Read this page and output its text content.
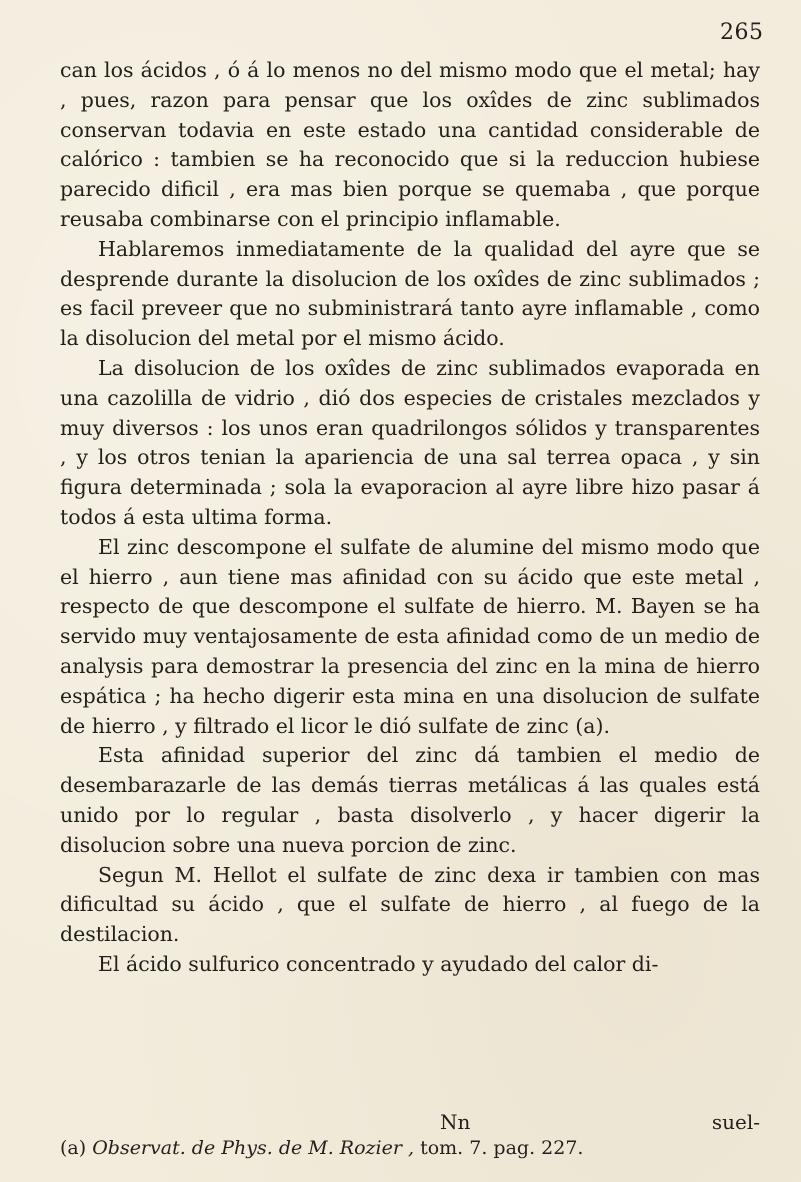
265

can los ácidos , ó á lo menos no del mismo modo que el metal; hay , pues, razon para pensar que los oxîdes de zinc sublimados conservan todavia en este estado una cantidad considerable de calórico : tambien se ha reconocido que si la reduccion hubiese parecido dificil , era mas bien porque se quemaba , que porque reusaba combinarse con el principio inflamable.

Hablaremos inmediatamente de la qualidad del ayre que se desprende durante la disolucion de los oxîdes de zinc sublimados ; es facil preveer que no subministrará tanto ayre inflamable , como la disolucion del metal por el mismo ácido.

La disolucion de los oxîdes de zinc sublimados evaporada en una cazolilla de vidrio , dió dos especies de cristales mezclados y muy diversos : los unos eran quadrilongos sólidos y transparentes , y los otros tenian la apariencia de una sal terrea opaca , y sin figura determinada ; sola la evaporacion al ayre libre hizo pasar á todos á esta ultima forma.

El zinc descompone el sulfate de alumine del mismo modo que el hierro , aun tiene mas afinidad con su ácido que este metal , respecto de que descompone el sulfate de hierro. M. Bayen se ha servido muy ventajosamente de esta afinidad como de un medio de analysis para demostrar la presencia del zinc en la mina de hierro espática ; ha hecho digerir esta mina en una disolucion de sulfate de hierro , y filtrado el licor le dió sulfate de zinc (a).

Esta afinidad superior del zinc dá tambien el medio de desembarazarle de las demás tierras metálicas á las quales está unido por lo regular , basta disolverlo , y hacer digerir la disolucion sobre una nueva porcion de zinc.

Segun M. Hellot el sulfate de zinc dexa ir tambien con mas dificultad su ácido , que el sulfate de hierro , al fuego de la destilacion.

El ácido sulfurico concentrado y ayudado del calor di-

Nn	suel-
(a) Observat. de Phys. de M. Rozier , tom. 7. pag. 227.
